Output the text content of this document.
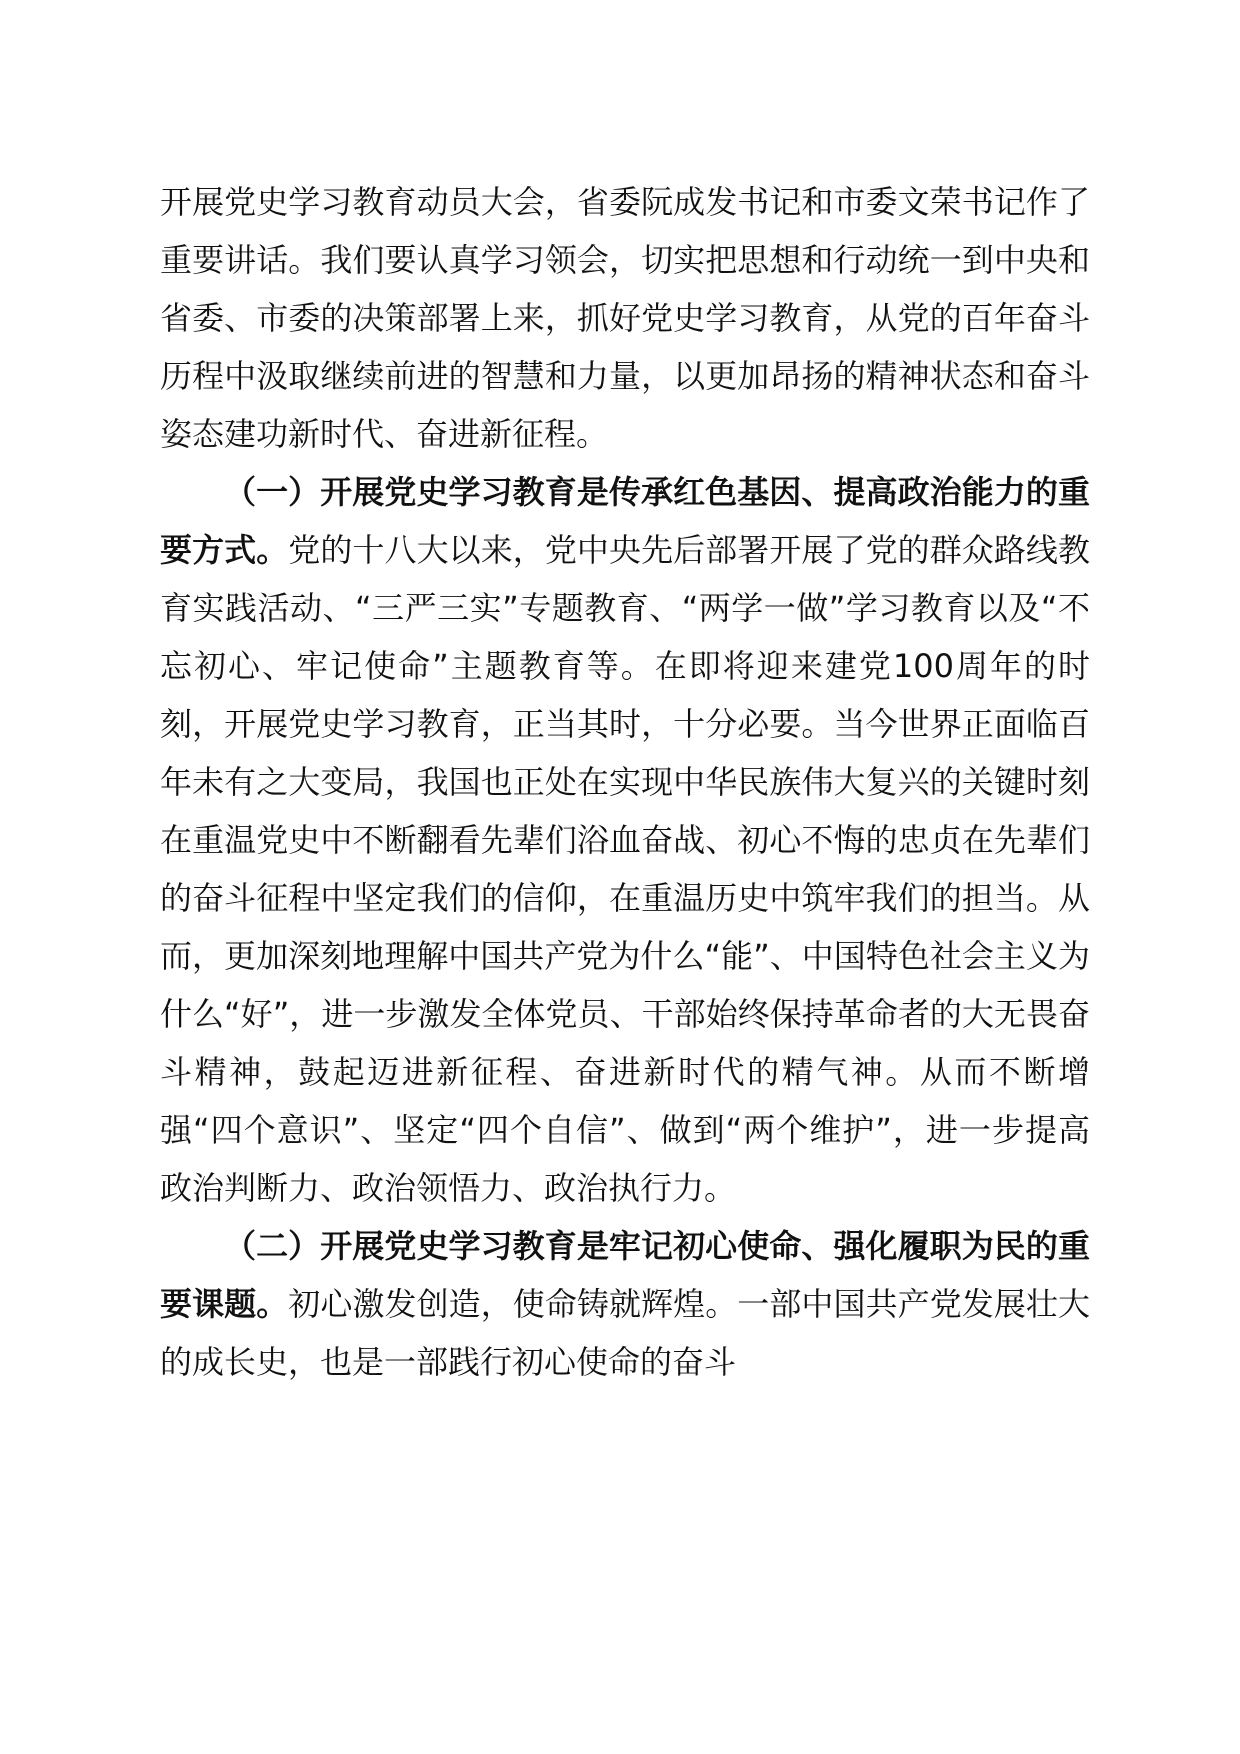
开展党史学习教育动员大会，省委阮成发书记和市委文荣书记作了重要讲话。我们要认真学习领会，切实把思想和行动统一到中央和省委、市委的决策部署上来，抓好党史学习教育，从党的百年奋斗历程中汲取继续前进的智慧和力量，以更加昂扬的精神状态和奋斗姿态建功新时代、奋进新征程。

（一）开展党史学习教育是传承红色基因、提高政治能力的重要方式。党的十八大以来，党中央先后部署开展了党的群众路线教育实践活动、“三严三实”专题教育、“两学一做”学习教育以及“不忘初心、牢记使命”主题教育等。在即将迎来建党100周年的时刻，开展党史学习教育，正当其时，十分必要。当今世界正面临百年未有之大变局，我国也正处在实现中华民族伟大复兴的关键时刻在重温党史中不断翻看先辈们浴血奋战、初心不悔的忠贞在先辈们的奋斗征程中坚定我们的信仰，在重温历史中筑牢我们的担当。从而，更加深刻地理解中国共产党为什么“能”、中国特色社会主义为什么“好”，进一步激发全体党员、干部始终保持革命者的大无畏奋斗精神，鼓起迈进新征程、奋进新时代的精气神。从而不断增强“四个意识”、坚定“四个自信”、做到“两个维护”，进一步提高政治判断力、政治领悟力、政治执行力。

（二）开展党史学习教育是牢记初心使命、强化履职为民的重要课题。初心激发创造，使命铸就辉煌。一部中国共产党发展壮大的成长史，也是一部践行初心使命的奋斗
